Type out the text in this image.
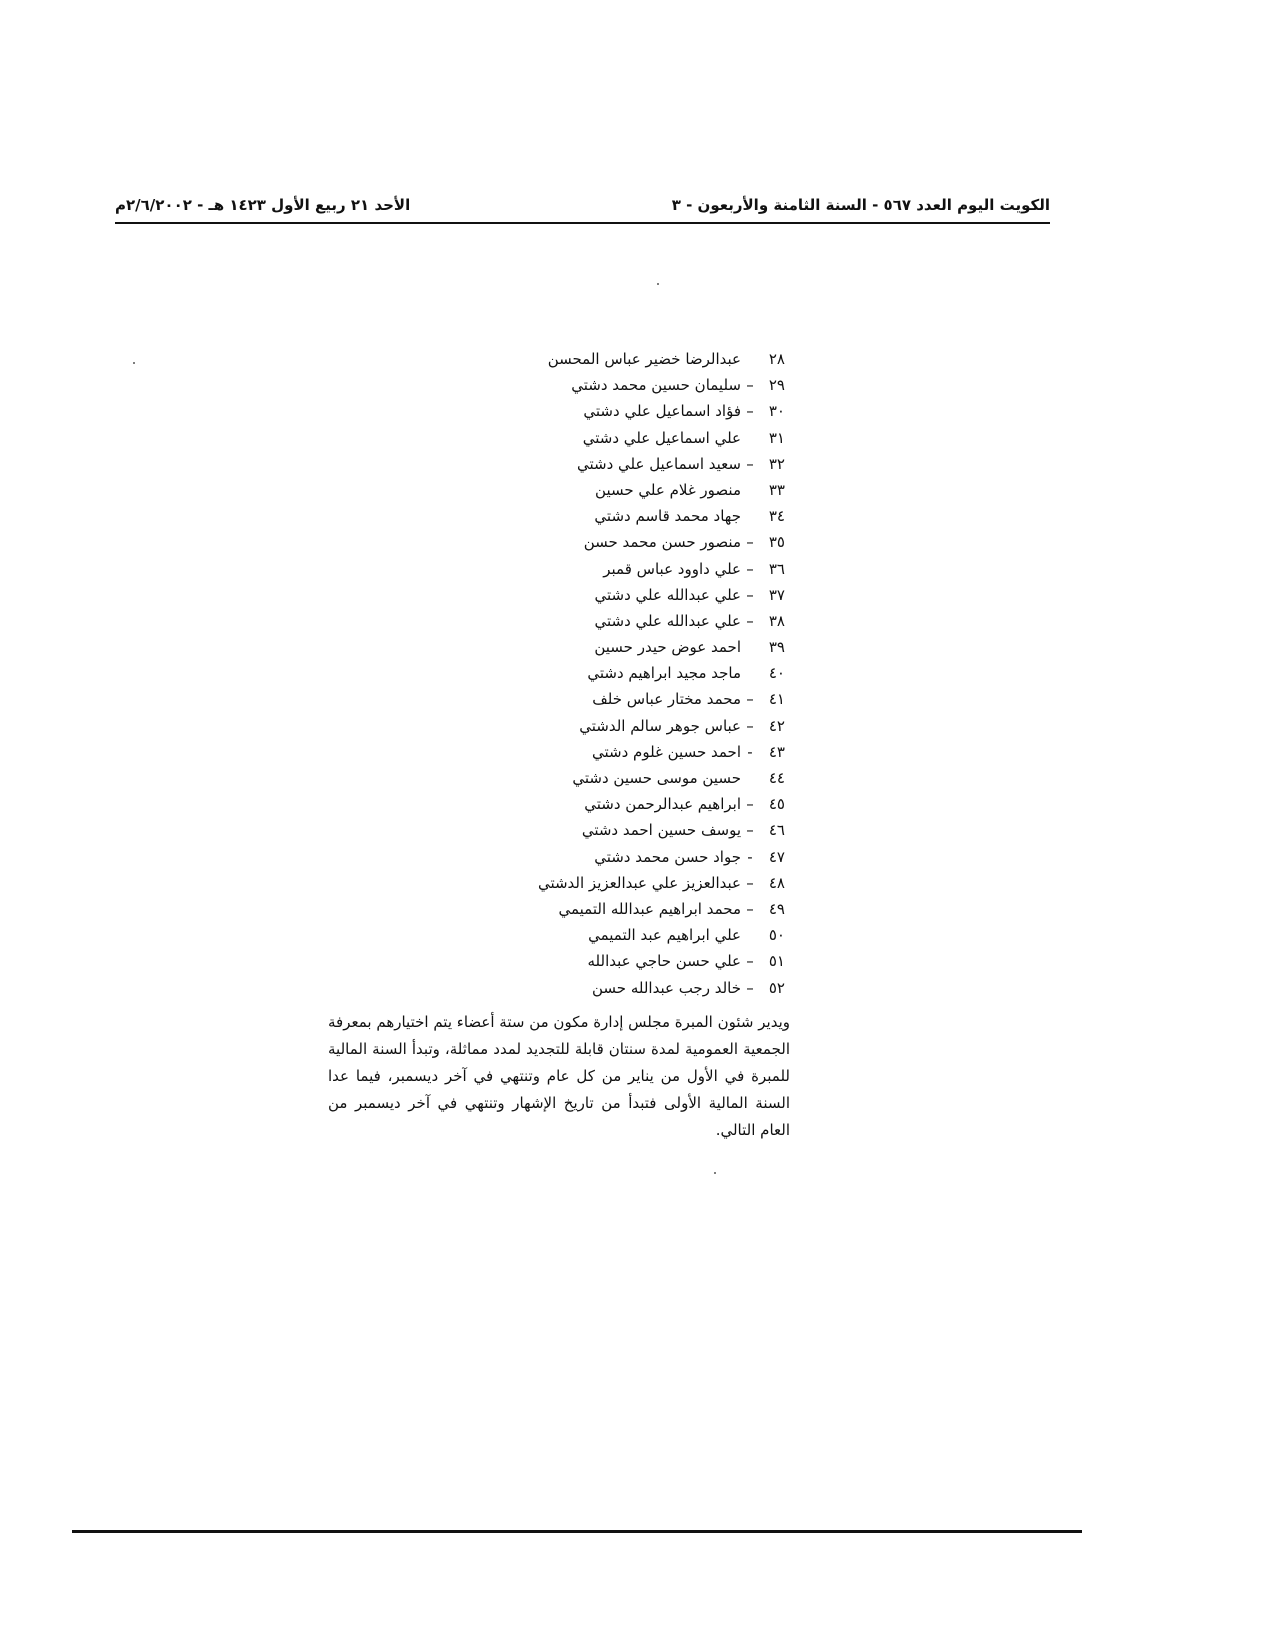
الكويت اليوم العدد ٥٦٧ - السنة الثامنة والأربعون - ٣
الأحد ٢١ ربيع الأول ١٤٢٣ هـ - ٢/٦/٢٠٠٢م
٢٨عبدالرضا خضير عباس المحسن
٢٩–سليمان حسين محمد دشتي
٣٠–فؤاد اسماعيل علي دشتي
٣١علي اسماعيل علي دشتي
٣٢–سعيد اسماعيل علي دشتي
٣٣منصور غلام علي حسين
٣٤جهاد محمد قاسم دشتي
٣٥–منصور حسن محمد حسن
٣٦–علي داوود عباس قمبر
٣٧–علي عبدالله علي دشتي
٣٨–علي عبدالله علي دشتي
٣٩احمد عوض حيدر حسين
٤٠ماجد مجيد ابراهيم دشتي
٤١–محمد مختار عباس خلف
٤٢–عباس جوهر سالم الدشتي
٤٣-احمد حسين غلوم دشتي
٤٤حسين موسى حسين دشتي
٤٥–ابراهيم عبدالرحمن دشتي
٤٦–يوسف حسين احمد دشتي
٤٧-جواد حسن محمد دشتي
٤٨–عبدالعزيز علي عبدالعزيز الدشتي
٤٩–محمد ابراهيم عبدالله التميمي
٥٠علي ابراهيم عبد التميمي
٥١–علي حسن حاجي عبدالله
٥٢–خالد رجب عبدالله حسن

ويدير شئون المبرة مجلس إدارة مكون من ستة أعضاء يتم اختيارهم بمعرفة الجمعية العمومية لمدة سنتان قابلة للتجديد لمدد مماثلة، وتبدأ السنة المالية للمبرة في الأول من يناير من كل عام وتنتهي في آخر ديسمبر، فيما عدا السنة المالية الأولى فتبدأ من تاريخ الإشهار وتنتهي في آخر ديسمبر من العام التالي.
